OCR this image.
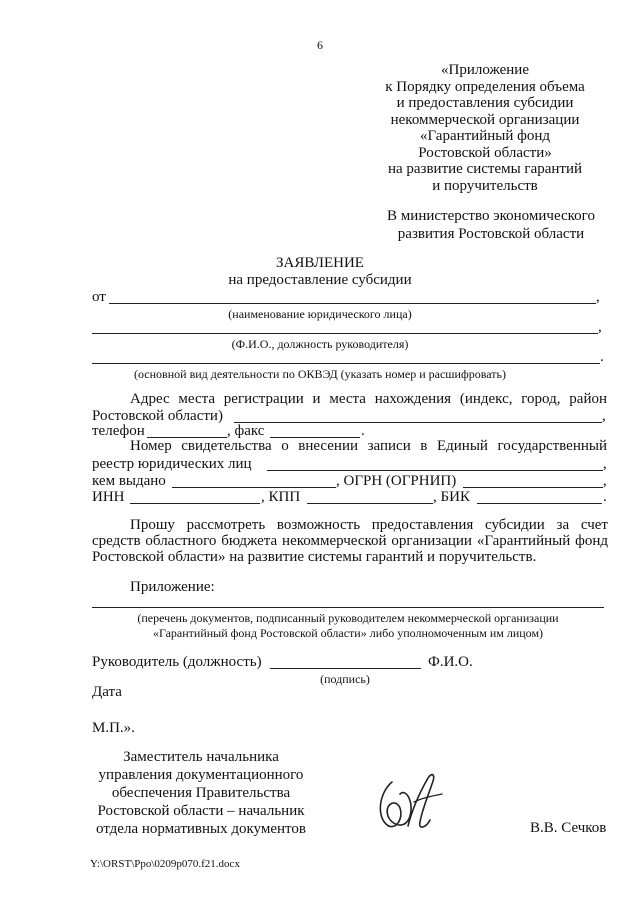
6
«Приложение
к Порядку определения объема
и предоставления субсидии
некоммерческой организации
«Гарантийный фонд
Ростовской области»
на развитие системы гарантий
и поручительств
В министерство экономического
развития Ростовской области
ЗАЯВЛЕНИЕ
на предоставление субсидии
от	,
(наименование юридического лица)
,
(Ф.И.О., должность руководителя)
.
(основной вид деятельности по ОКВЭД (указать номер и расшифровать)
Адрес места регистрации и места нахождения (индекс, город, район
Ростовской области)	,
телефон	, факс	.
Номер свидетельства о внесении записи в Единый государственный
реестр юридических лиц	,
кем выдано	, ОГРН (ОГРНИП)	,
ИНН	, КПП	, БИК	.
Прошу рассмотреть возможность предоставления субсидии за счет
средств областного бюджета некоммерческой организации «Гарантийный фонд
Ростовской области» на развитие системы гарантий и поручительств.
Приложение:
(перечень документов, подписанный руководителем некоммерческой организации
«Гарантийный фонд Ростовской области» либо уполномоченным им лицом)
Руководитель (должность)	Ф.И.О.
(подпись)
Дата
М.П.».
Заместитель начальника
управления документационного
обеспечения Правительства
Ростовской области – начальник
отдела нормативных документов	В.В. Сечков
Y:\ORST\Ppo\0209p070.f21.docx
